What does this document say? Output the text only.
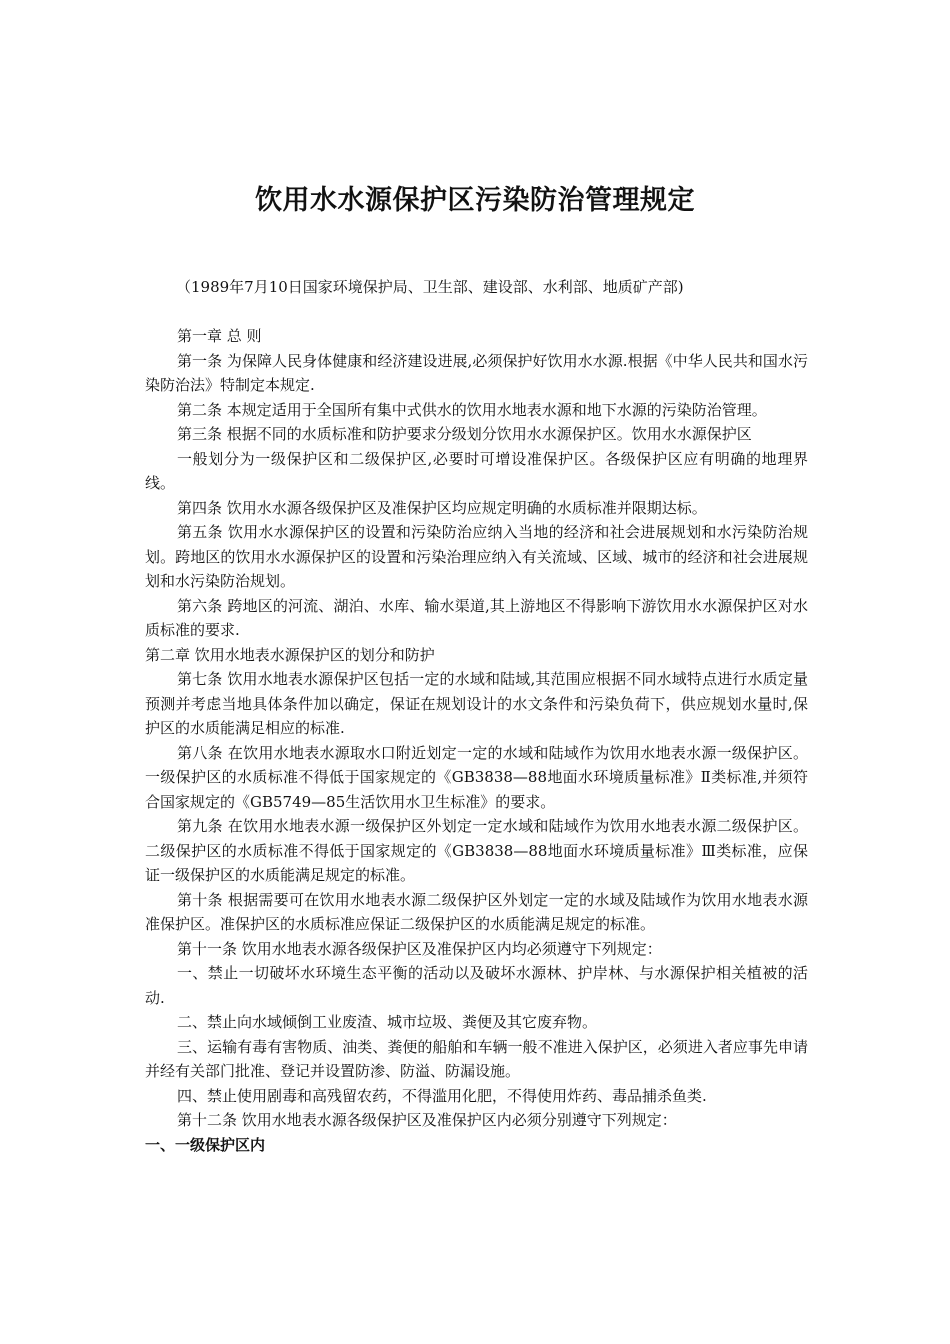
饮用水水源保护区污染防治管理规定
（1989年7月10日国家环境保护局、卫生部、建设部、水利部、地质矿产部)

第一章 总 则

第一条 为保障人民身体健康和经济建设进展,必须保护好饮用水水源.根据《中华人民共和国水污染防治法》特制定本规定.

第二条 本规定适用于全国所有集中式供水的饮用水地表水源和地下水源的污染防治管理。

第三条 根据不同的水质标准和防护要求分级划分饮用水水源保护区。饮用水水源保护区

一般划分为一级保护区和二级保护区,必要时可增设准保护区。各级保护区应有明确的地理界线。

第四条 饮用水水源各级保护区及准保护区均应规定明确的水质标准并限期达标。

第五条 饮用水水源保护区的设置和污染防治应纳入当地的经济和社会进展规划和水污染防治规划。跨地区的饮用水水源保护区的设置和污染治理应纳入有关流域、区域、城市的经济和社会进展规划和水污染防治规划。

第六条 跨地区的河流、湖泊、水库、输水渠道,其上游地区不得影响下游饮用水水源保护区对水质标准的要求.

第二章 饮用水地表水源保护区的划分和防护

第七条 饮用水地表水源保护区包括一定的水域和陆域,其范围应根据不同水域特点进行水质定量预测并考虑当地具体条件加以确定，保证在规划设计的水文条件和污染负荷下，供应规划水量时,保护区的水质能满足相应的标准.

第八条 在饮用水地表水源取水口附近划定一定的水域和陆域作为饮用水地表水源一级保护区。一级保护区的水质标准不得低于国家规定的《GB3838—88地面水环境质量标准》Ⅱ类标准,并须符合国家规定的《GB5749—85生活饮用水卫生标准》的要求。

第九条 在饮用水地表水源一级保护区外划定一定水域和陆域作为饮用水地表水源二级保护区。二级保护区的水质标准不得低于国家规定的《GB3838—88地面水环境质量标准》Ⅲ类标准，应保证一级保护区的水质能满足规定的标准。

第十条 根据需要可在饮用水地表水源二级保护区外划定一定的水域及陆域作为饮用水地表水源准保护区。准保护区的水质标准应保证二级保护区的水质能满足规定的标准。

第十一条 饮用水地表水源各级保护区及准保护区内均必须遵守下列规定：

一、禁止一切破坏水环境生态平衡的活动以及破坏水源林、护岸林、与水源保护相关植被的活动.

二、禁止向水域倾倒工业废渣、城市垃圾、粪便及其它废弃物。

三、运输有毒有害物质、油类、粪便的船舶和车辆一般不准进入保护区，必须进入者应事先申请并经有关部门批准、登记并设置防渗、防溢、防漏设施。

四、禁止使用剧毒和高残留农药，不得滥用化肥，不得使用炸药、毒品捕杀鱼类.

第十二条 饮用水地表水源各级保护区及准保护区内必须分别遵守下列规定：

一、一级保护区内
